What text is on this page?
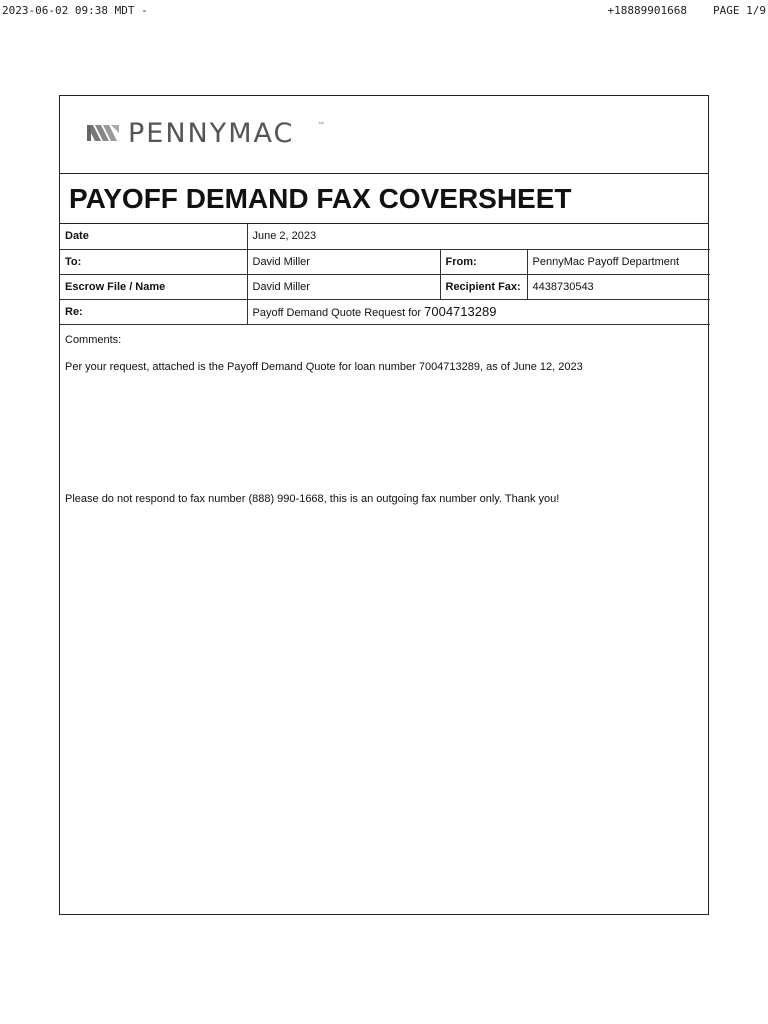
2023-06-02 09:38 MDT -	+18889901668 PAGE 1/9
PENNYMAC	™
PAYOFF DEMAND FAX COVERSHEET
Date	June 2, 2023		
To:	David Miller	From:	PennyMac Payoff Department
Escrow File / Name	David Miller	Recipient Fax:	4438730543
Re:	Payoff Demand Quote Request for 7004713289		
Comments:
Per your request, attached is the Payoff Demand Quote for loan number 7004713289, as of June 12, 2023
Please do not respond to fax number (888) 990-1668, this is an outgoing fax number only. Thank you!
